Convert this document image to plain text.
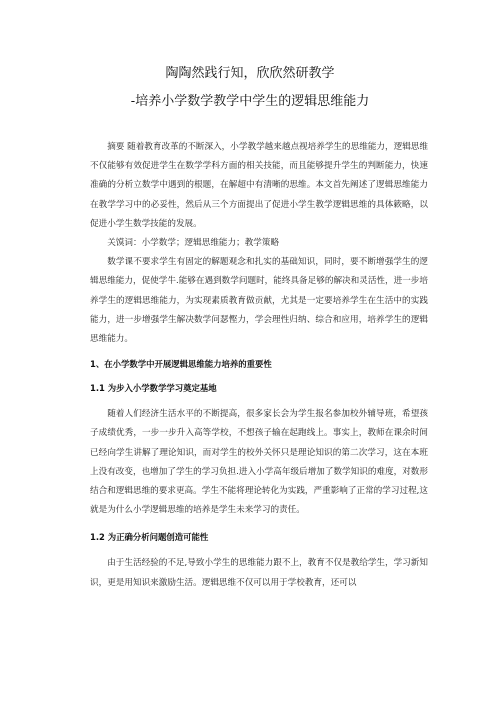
陶陶然践行知，欣欣然研教学
-培养小学数学教学中学生的逻辑思维能力

摘要 随着教育改革的不断深入，小学教学越来越点视培养学生的思维能力，逻辑思维不仅能够有效促进学生在数学学科方面的相关技能，而且能够提升学生的判断能力，快速准确的分析立数学中遇到的根题，在解超中有清晰的思维。本文首先阐述了逻辑思维能力在教学学习中的必妥性，然后从三个方面提出了促进小学生教学逻辑思维的具体簌略，以促进小学生数学技能的发展。

关馍词：小学数学；逻辑思维能力；教学策略

数学课不要求学生有固定的解题观念和扎实的基础知识，同时，要不断增强学生的逻辑思维能力，促使学牛.能够在遇到数学问题时，能终具备足够的解决和灵活性，进一步培养学生的逻辑思维能力，为实现素质教育做贡献，尤其是一定要培养学生在生活中的实践能力，进一步增强学生解决数学问瑟慳力，学会理性归纳、综合和应用，培养学生的逻辑思维能力。

1、在小学数学中开展逻辑思维能力培养的重要性
1.1 为步入小学数学学习奠定基地

随着人们经济生活水平的不断提高，很多家长会为学生报名参加校外辅导班，希望孩子成绩优秀，一步一步升入高等学校，不想孩子输在起跑线上。事实上，教师在课余时间已经向学生讲解了理论知识，而对学生的校外关怀只是理论知识的第二次学习，这在本班上没有改变，也增加了学生的学习负担.进入小学高年级后增加了数学知识的难度，对数形结合和逻辑思维的要求更高。学生不能将理论转化为实践，严重影响了正常的学习过程,这就是为什么小学逻辑思维的培养是学生未来学习的责任。

1.2 为正确分析问题创造可能性

由于生活经验的不足,导致小学生的思维能力跟不上，教育不仅是教给学生，学习新知识，更是用知识来激励生活。逻辑思维不仅可以用于学校教育，还可以
